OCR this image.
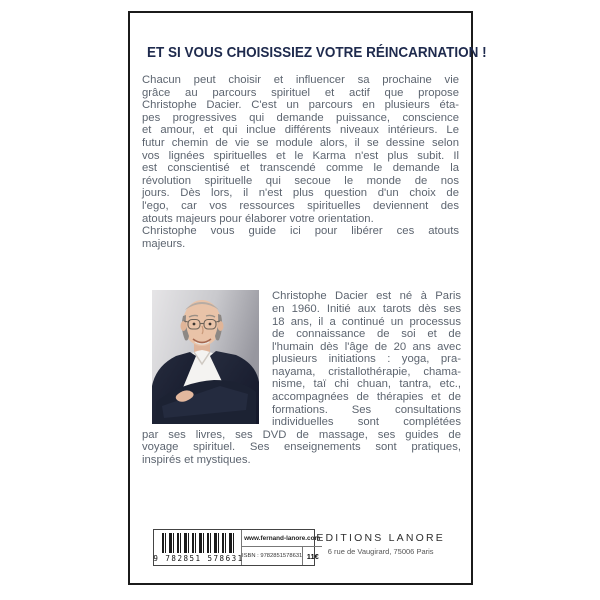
ET SI VOUS CHOISISSIEZ VOTRE RÉINCARNATION !
Chacun peut choisir et influencer sa prochaine vie
grâce au parcours spirituel et actif que propose
Christophe Dacier. C'est un parcours en plusieurs éta-
pes progressives qui demande puissance, conscience
et amour, et qui inclue différents niveaux intérieurs. Le
futur chemin de vie se module alors, il se dessine selon
vos lignées spirituelles et le Karma n'est plus subit. Il
est conscientisé et transcendé comme le demande la
révolution spirituelle qui secoue le monde de nos
jours. Dès lors, il n'est plus question d'un choix de
l'ego, car vos ressources spirituelles deviennent des
atouts majeurs pour élaborer votre orientation.
Christophe vous guide ici pour libérer ces atouts
majeurs.
Christophe Dacier est né à Paris
en 1960. Initié aux tarots dès ses
18 ans, il a continué un processus
de connaissance de soi et de
l'humain dès l'âge de 20 ans avec
plusieurs initiations : yoga, pra-
nayama, cristallothérapie, chama-
nisme, taï chi chuan, tantra, etc.,
accompagnées de thérapies et de
formations. Ses consultations
individuelles sont complétées
par ses livres, ses DVD de massage, ses guides de
voyage spirituel. Ses enseignements sont pratiques,
inspirés et mystiques.
9 782851 578631
www.fernand-lanore.com
ISBN : 9782851578631 11€
EDITIONS LANORE
6 rue de Vaugirard, 75006 Paris
